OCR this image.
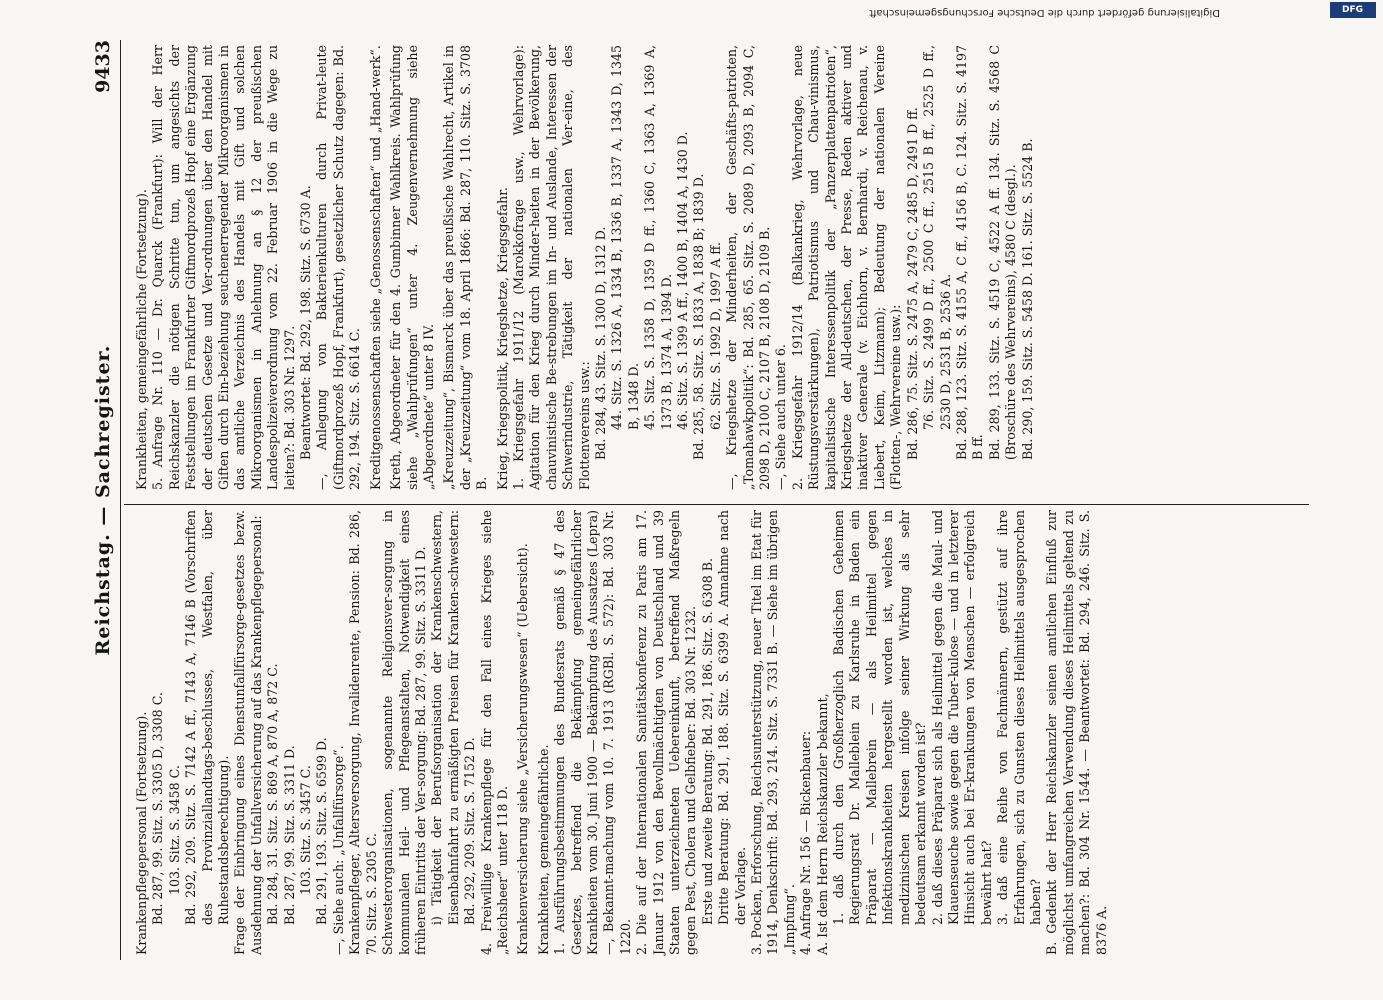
Reichstag. — Sachregister.
9433

Krankenpflegepersonal (Fortsetzung). Bd. 287, 99. Sitz. S. 3305 D, 3308 C. 103. Sitz. S. 3458 C. Bd. 292, 209. Sitz. S. 7142 A ff., 7143 A, 7146 B (Vorschriften des Provinziallandtags-beschlusses, Westfalen, über Ruhestandsberechtigung). Frage der Einbringung eines Dienstunfallfürsorge-gesetzes bezw. Ausdehnung der Unfallversicherung auf das Krankenpflegepersonal: Bd. 284, 31. Sitz. S. 869 A, 870 A, 872 C. Bd. 287, 99. Sitz. S. 3311 D. 103. Sitz. S. 3457 C. Bd. 291, 193. Sitz. S. 6599 D. —, Siehe auch: „Unfallfürsorge“. Krankenpfleger, Altersversorgung, Invalidenrente, Pension: Bd. 286, 70. Sitz. S. 2305 C. Schwesterorganisationen, sogenannte Religionsver-sorgung in kommunalen Heil- und Pflegeanstalten, Notwendigkeit eines früheren Eintritts der Ver-sorgung: Bd. 287, 99. Sitz. S. 3311 D. i) Tätigkeit der Berufsorganisation der Krankenschwestern, Eisenbahnfahrt zu ermäßigten Preisen für Kranken-schwestern: Bd. 292, 209. Sitz. S. 7152 D. 4. Freiwillige Krankenpflege für den Fall eines Krieges siehe „Reichsheer“ unter 118 D. Krankenversicherung siehe „Versicherungswesen“ (Uebersicht). Krankheiten, gemeingefährliche. 1. Ausführungsbestimmungen des Bundesrats gemäß § 47 des Gesetzes, betreffend die Bekämpfung gemeingefährlicher Krankheiten vom 30. Juni 1900 — Bekämpfung des Aussatzes (Lepra) —, Bekannt-machung vom 10. 7. 1913 (RGBl. S. 572): Bd. 303 Nr. 1220. 2. Die auf der Internationalen Sanitätskonferenz zu Paris am 17. Januar 1912 von den Bevollmächtigten von Deutschland und 39 Staaten unterzeichneten Uebereinkunft, betreffend Maßregeln gegen Pest, Cholera und Gelbfieber: Bd. 303 Nr. 1232. Erste und zweite Beratung: Bd. 291, 186. Sitz. S. 6308 B. Dritte Beratung: Bd. 291, 188. Sitz. S. 6399 A. Annahme nach der Vorlage. 3. Pocken, Erforschung, Reichsunterstützung, neuer Titel im Etat für 1914, Denkschrift: Bd. 293, 214. Sitz. S. 7331 B. — Siehe im übrigen „Impfung“. 4. Anfrage Nr. 156 — Bickenbauer: A. Ist dem Herrn Reichskanzler bekannt, 1. daß durch den Großherzoglich Badischen Geheimen Regierungsrat Dr. Malleblein zu Karlsruhe in Baden ein Präparat — Mallebrein — als Heilmittel gegen Infektionskrankheiten hergestellt worden ist, welches in medizinischen Kreisen infolge seiner Wirkung als sehr bedeutsam erkannt worden ist? 2. daß dieses Präparat sich als Heilmittel gegen die Maul- und Klauenseuche sowie gegen die Tuber-kulose — und in letzterer Hinsicht auch bei Er-krankungen von Menschen — erfolgreich bewährt hat? 3. daß eine Reihe von Fachmännern, gestützt auf ihre Erfahrungen, sich zu Gunsten dieses Heilmittels ausgesprochen haben? B. Gedenkt der Herr Reichskanzler seinen amtlichen Einfluß zur möglichst umfangreichen Verwendung dieses Heilmittels geltend zu machen?: Bd. 304 Nr. 1544. — Beantwortet: Bd. 294, 246. Sitz. S. 8376 A.

Krankheiten, gemeingefährliche (Fortsetzung). 5. Anfrage Nr. 110 — Dr. Quarck (Frankfurt): Will der Herr Reichskanzler die nötigen Schritte tun, um angesichts der Feststellungen im Frankfurter Giftmordprozeß Hopf eine Ergänzung der deutschen Gesetze und Ver-ordnungen über den Handel mit Giften durch Ein-beziehung seuchenerregender Mikroorganismen in das amtliche Verzeichnis des Handels mit Gift und solchen Mikroorganismen in Anlehnung an § 12 der preußischen Landespolizeiverordnung vom 22. Februar 1906 in die Wege zu leiten?: Bd. 303 Nr. 1297. Beantwortet: Bd. 292, 198. Sitz. S. 6730 A. —, Anlegung von Bakterienkulturen durch Privat-leute (Giftmordprozeß Hopf, Frankfurt), gesetzlicher Schutz dagegen: Bd. 292, 194. Sitz. S. 6614 C. Kreditgenossenschaften siehe „Genossenschaften“ und „Hand-werk“. Kreth, Abgeordneter für den 4. Gumbinner Wahlkreis. Wahlprüfung siehe „Wahlprüfungen“ unter 4. Zeugenvernehmung siehe „Abgeordnete“ unter 8 IV. „Kreuzzeitung“, Bismarck über das preußische Wahlrecht, Artikel in der „Kreuzzeitung“ vom 18. April 1866: Bd. 287, 110. Sitz. S. 3708 B. Krieg, Kriegspolitik, Kriegshetze, Kriegsgefahr. 1. Kriegsgefahr 1911/12 (Marokkofrage usw., Wehrvorlage): Agitation für den Krieg durch Minder-heiten in der Bevölkerung, chauvinistische Be-strebungen im In- und Auslande, Interessen der Schwerindustrie, Tätigkeit der nationalen Ver-eine, des Flottenvereins usw.: Bd. 284, 43. Sitz. S. 1300 D, 1312 D. 44. Sitz. S. 1326 A, 1334 B, 1336 B, 1337 A, 1343 D, 1345 B, 1348 D. 45. Sitz. S. 1358 D, 1359 D ff., 1360 C, 1363 A, 1369 A, 1373 B, 1374 A, 1394 D. 46. Sitz. S. 1399 A ff., 1400 B, 1404 A, 1430 D. Bd. 285, 58. Sitz. S. 1833 A, 1838 B; 1839 D. 62. Sitz. S. 1992 D, 1997 A ff. —, Kriegshetze der Minderheiten, der Geschäfts-patrioten, „Tomahawkpolitik“: Bd. 285, 65. Sitz. S. 2089 D, 2093 B, 2094 C, 2098 D, 2100 C, 2107 B, 2108 D, 2109 B. —, Siehe auch unter 6. 2. Kriegsgefahr 1912/14 (Balkankrieg, Wehrvorlage, neue Rüstungsverstärkungen), Patriotismus und Chau-vinismus, kapitalistische Interessenpolitik der „Panzerplattenpatrioten“, Kriegshetze der All-deutschen, der Presse, Reden aktiver und inaktiver Generale (v. Eichhorn, v. Bernhardi, v. Reichenau, v. Liebert, Keim, Litzmann); Bedeutung der nationalen Vereine (Flotten-, Wehrvereine usw.): Bd. 286, 75. Sitz. S. 2475 A, 2479 C, 2485 D, 2491 D ff. 76. Sitz. S. 2499 D ff., 2500 C ff., 2515 B ff., 2525 D ff., 2530 D, 2531 B, 2536 A. Bd. 288, 123. Sitz. S. 4155 A, C ff., 4156 B, C. 124. Sitz. S. 4197 B ff. Bd. 289, 133. Sitz. S. 4519 C, 4522 A ff. 134. Sitz. S. 4568 C (Broschüre des Wehrvereins), 4580 C (desgl.). Bd. 290, 159. Sitz. S. 5458 D. 161. Sitz. S. 5524 B.

Digitalisierung gefördert durch die Deutsche Forschungsgemeinschaft	DFG
